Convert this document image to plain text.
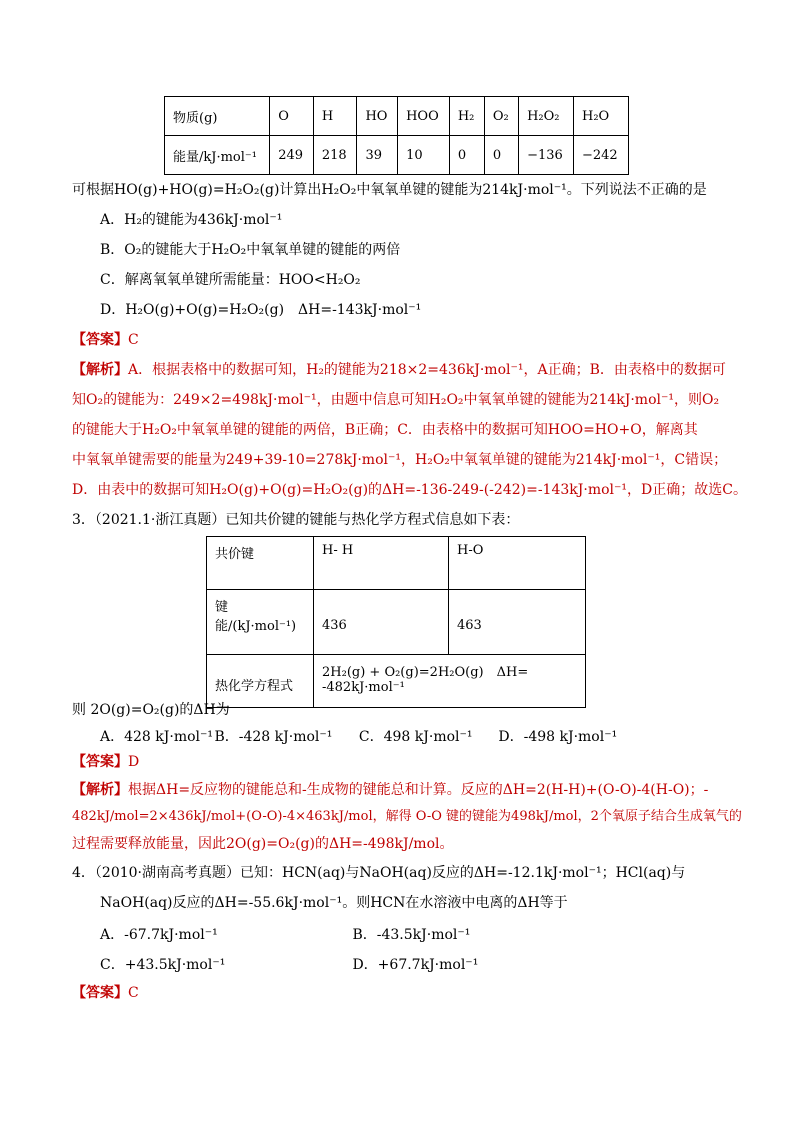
物质(g)	O	H	HO	HOO	H₂	O₂	H₂O₂	H₂O
能量/kJ·mol⁻¹	249	218	39	10	0	0	−136	−242
可根据HO(g)+HO(g)=H₂O₂(g)计算出H₂O₂中氧氧单键的键能为214kJ·mol⁻¹。下列说法不正确的是
A．H₂的键能为436kJ·mol⁻¹
B．O₂的键能大于H₂O₂中氧氧单键的键能的两倍
C．解离氧氧单键所需能量：HOO<H₂O₂
D．H₂O(g)+O(g)=H₂O₂(g)　ΔH=-143kJ·mol⁻¹
【答案】C
【解析】A．根据表格中的数据可知，H₂的键能为218×2=436kJ·mol⁻¹，A正确；B．由表格中的数据可
知O₂的键能为：249×2=498kJ·mol⁻¹，由题中信息可知H₂O₂中氧氧单键的键能为214kJ·mol⁻¹，则O₂
的键能大于H₂O₂中氧氧单键的键能的两倍，B正确；C．由表格中的数据可知HOO=HO+O，解离其
中氧氧单键需要的能量为249+39-10=278kJ·mol⁻¹，H₂O₂中氧氧单键的键能为214kJ·mol⁻¹，C错误；
D．由表中的数据可知H₂O(g)+O(g)=H₂O₂(g)的ΔH=-136-249-(-242)=-143kJ·mol⁻¹，D正确；故选C。
3．（2021.1·浙江真题）已知共价键的键能与热化学方程式信息如下表：
共价键	H- H	H-O
键能/(kJ·mol⁻¹)	436	463
热化学方程式	2H₂(g) + O₂(g)=2H₂O(g)　ΔH= -482kJ·mol⁻¹	
则 2O(g)=O₂(g)的ΔH为
A．428 kJ·mol⁻¹ B．-428 kJ·mol⁻¹ C．498 kJ·mol⁻¹ D．-498 kJ·mol⁻¹
【答案】D
【解析】根据ΔH=反应物的键能总和-生成物的键能总和计算。反应的ΔH=2(H-H)+(O-O)-4(H-O)；-
482kJ/mol=2×436kJ/mol+(O-O)-4×463kJ/mol，解得 O-O 键的键能为498kJ/mol，2个氧原子结合生成氧气的
过程需要释放能量，因此2O(g)=O₂(g)的ΔH=-498kJ/mol。
4．（2010·湖南高考真题）已知：HCN(aq)与NaOH(aq)反应的ΔH=-12.1kJ·mol⁻¹；HCl(aq)与
NaOH(aq)反应的ΔH=-55.6kJ·mol⁻¹。则HCN在水溶液中电离的ΔH等于
A．-67.7kJ·mol⁻¹	B．-43.5kJ·mol⁻¹
C．+43.5kJ·mol⁻¹	D．+67.7kJ·mol⁻¹
【答案】C
